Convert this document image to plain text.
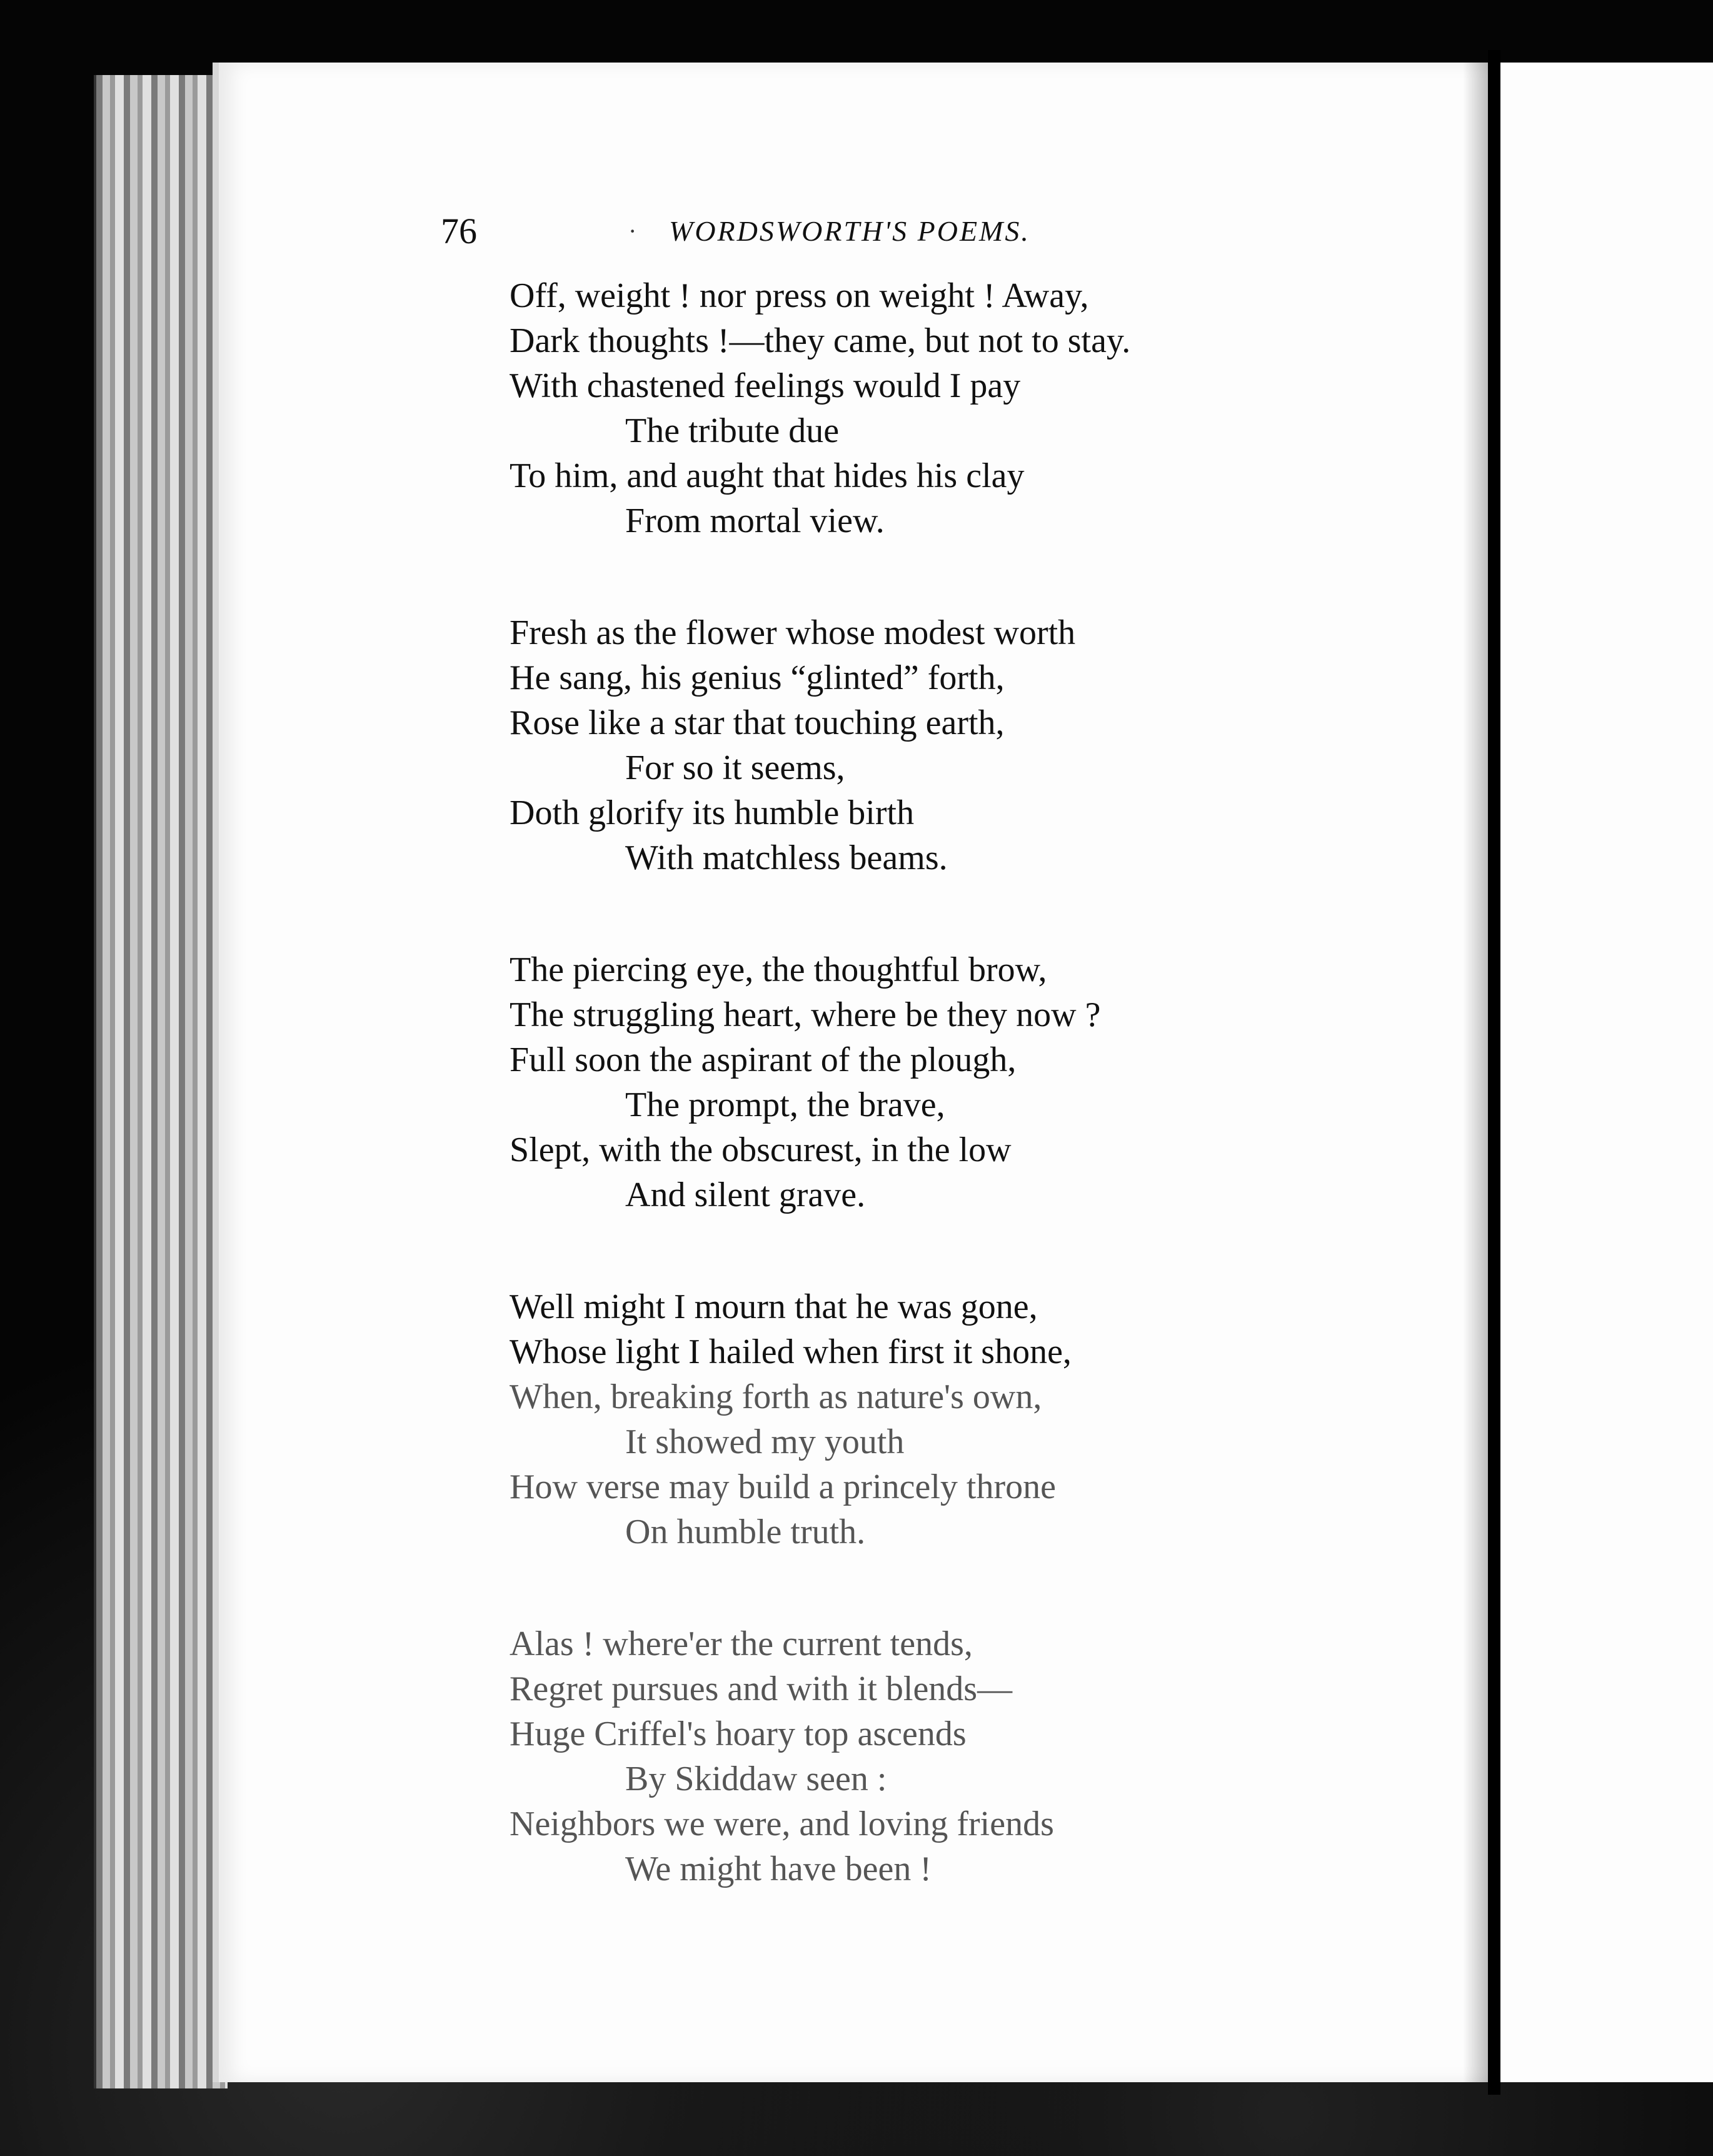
76	· WORDSWORTH'S POEMS.
Off, weight ! nor press on weight ! Away,
Dark thoughts !—they came, but not to stay.
With chastened feelings would I pay
The tribute due
To him, and aught that hides his clay
From mortal view.
Fresh as the flower whose modest worth
He sang, his genius “glinted” forth,
Rose like a star that touching earth,
For so it seems,
Doth glorify its humble birth
With matchless beams.
The piercing eye, the thoughtful brow,
The struggling heart, where be they now ?
Full soon the aspirant of the plough,
The prompt, the brave,
Slept, with the obscurest, in the low
And silent grave.
Well might I mourn that he was gone,
Whose light I hailed when first it shone,
When, breaking forth as nature's own,
It showed my youth
How verse may build a princely throne
On humble truth.
Alas ! where'er the current tends,
Regret pursues and with it blends—
Huge Criffel's hoary top ascends
By Skiddaw seen :
Neighbors we were, and loving friends
We might have been !
